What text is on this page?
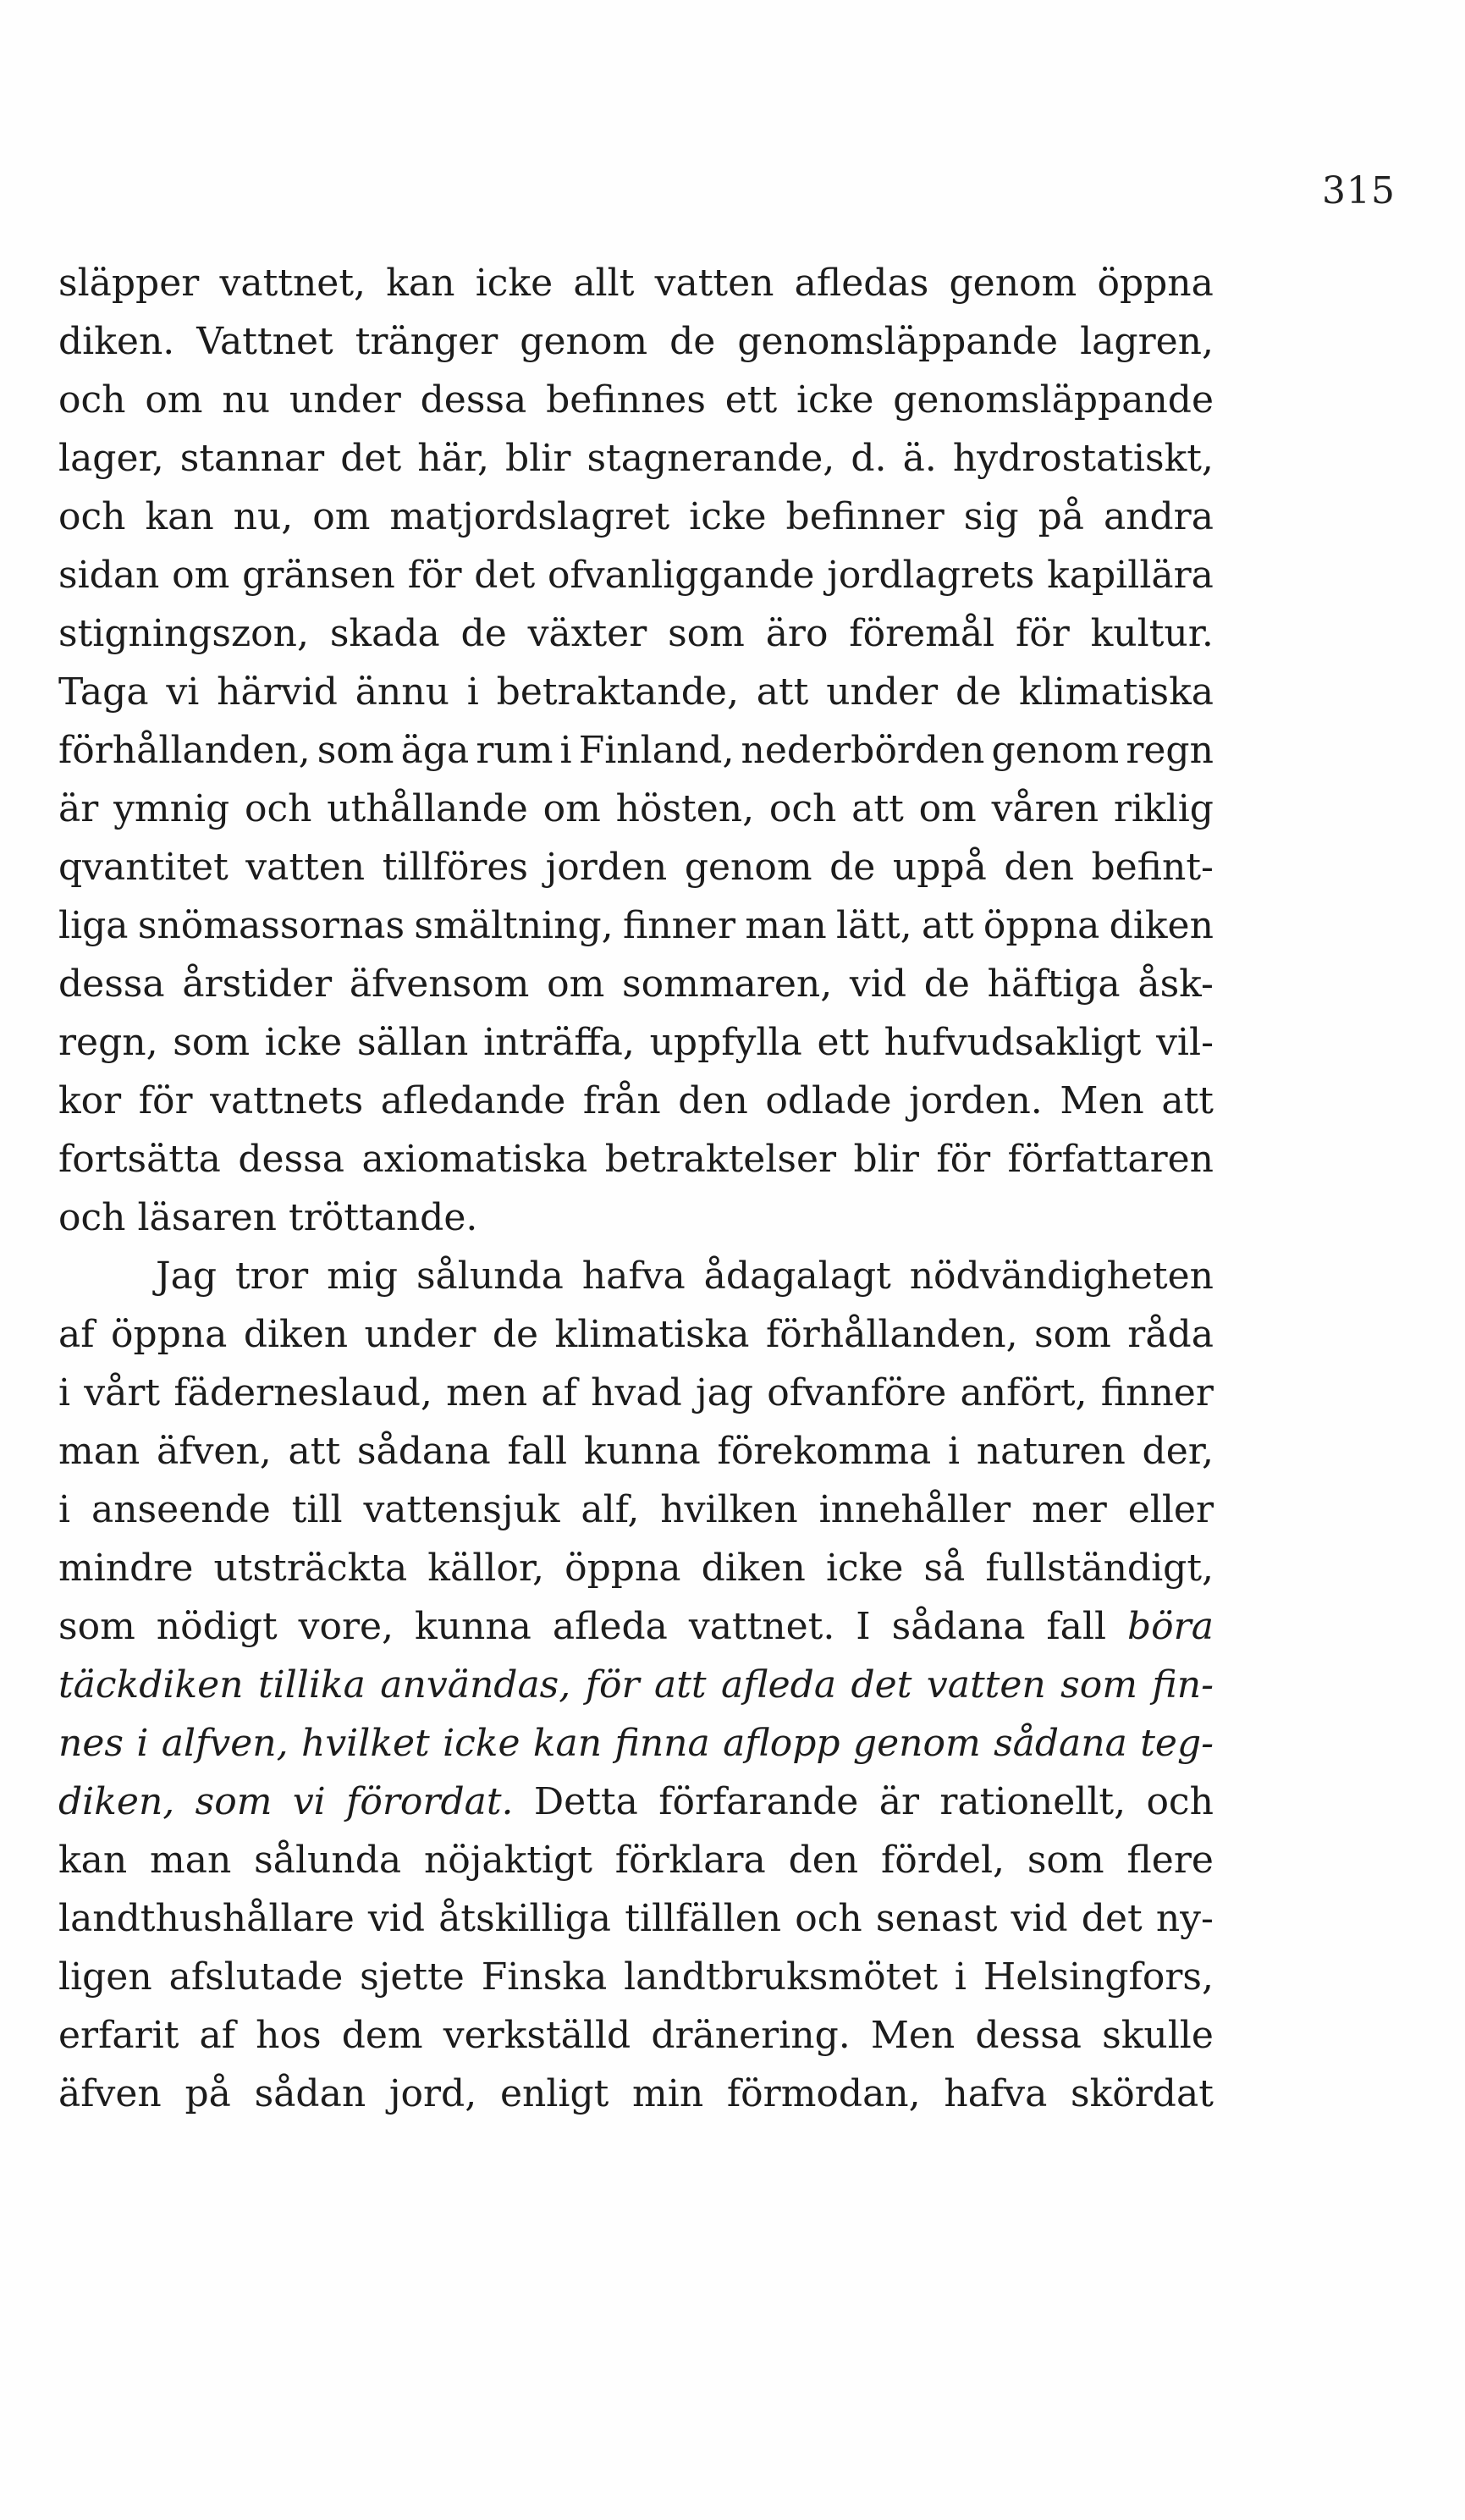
315
släpper vattnet, kan icke allt vatten afledas genom öppna
diken. Vattnet tränger genom de genomsläppande lagren,
och om nu under dessa befinnes ett icke genomsläppande
lager, stannar det här, blir stagnerande, d. ä. hydrostatiskt,
och kan nu, om matjordslagret icke befinner sig på andra
sidan om gränsen för det ofvanliggande jordlagrets kapillära
stigningszon, skada de växter som äro föremål för kultur.
Taga vi härvid ännu i betraktande, att under de klimatiska
förhållanden, som äga rum i Finland, nederbörden genom regn
är ymnig och uthållande om hösten, och att om våren riklig
qvantitet vatten tillföres jorden genom de uppå den befint-
liga snömassornas smältning, finner man lätt, att öppna diken
dessa årstider äfvensom om sommaren, vid de häftiga åsk-
regn, som icke sällan inträffa, uppfylla ett hufvudsakligt vil-
kor för vattnets afledande från den odlade jorden. Men att
fortsätta dessa axiomatiska betraktelser blir för författaren
och läsaren tröttande.
Jag tror mig sålunda hafva ådagalagt nödvändigheten
af öppna diken under de klimatiska förhållanden, som råda
i vårt fäderneslaud, men af hvad jag ofvanföre anfört, finner
man äfven, att sådana fall kunna förekomma i naturen der,
i anseende till vattensjuk alf, hvilken innehåller mer eller
mindre utsträckta källor, öppna diken icke så fullständigt,
som nödigt vore, kunna afleda vattnet. I sådana fall böra
täckdiken tillika användas, för att afleda det vatten som fin-
nes i alfven, hvilket icke kan finna aflopp genom sådana teg-
diken, som vi förordat. Detta förfarande är rationellt, och
kan man sålunda nöjaktigt förklara den fördel, som flere
landthushållare vid åtskilliga tillfällen och senast vid det ny-
ligen afslutade sjette Finska landtbruksmötet i Helsingfors,
erfarit af hos dem verkställd dränering. Men dessa skulle
äfven på sådan jord, enligt min förmodan, hafva skördat
